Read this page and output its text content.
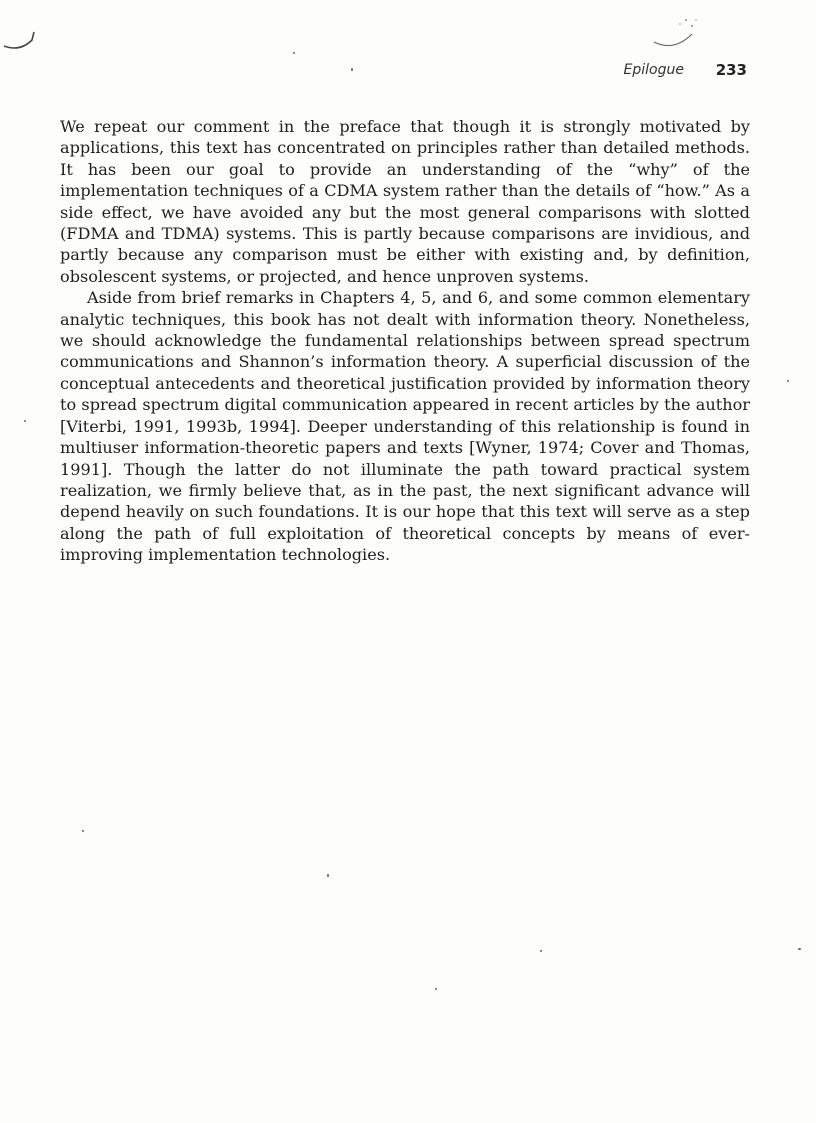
Epilogue 233

We repeat our comment in the preface that though it is strongly motivated by applications, this text has concentrated on principles rather than detailed methods. It has been our goal to provide an understanding of the “why” of the implementation techniques of a CDMA system rather than the details of “how.” As a side effect, we have avoided any but the most general comparisons with slotted (FDMA and TDMA) systems. This is partly because comparisons are invidious, and partly because any comparison must be either with existing and, by definition, obsolescent systems, or projected, and hence unproven systems.

Aside from brief remarks in Chapters 4, 5, and 6, and some common elementary analytic techniques, this book has not dealt with information theory. Nonetheless, we should acknowledge the fundamental relationships between spread spectrum communications and Shannon’s information theory. A superficial discussion of the conceptual antecedents and theoretical justification provided by information theory to spread spectrum digital communication appeared in recent articles by the author [Viterbi, 1991, 1993b, 1994]. Deeper understanding of this relationship is found in multiuser information-theoretic papers and texts [Wyner, 1974; Cover and Thomas, 1991]. Though the latter do not illuminate the path toward practical system realization, we firmly believe that, as in the past, the next significant advance will depend heavily on such foundations. It is our hope that this text will serve as a step along the path of full exploitation of theoretical concepts by means of ever-improving implementation technologies.
